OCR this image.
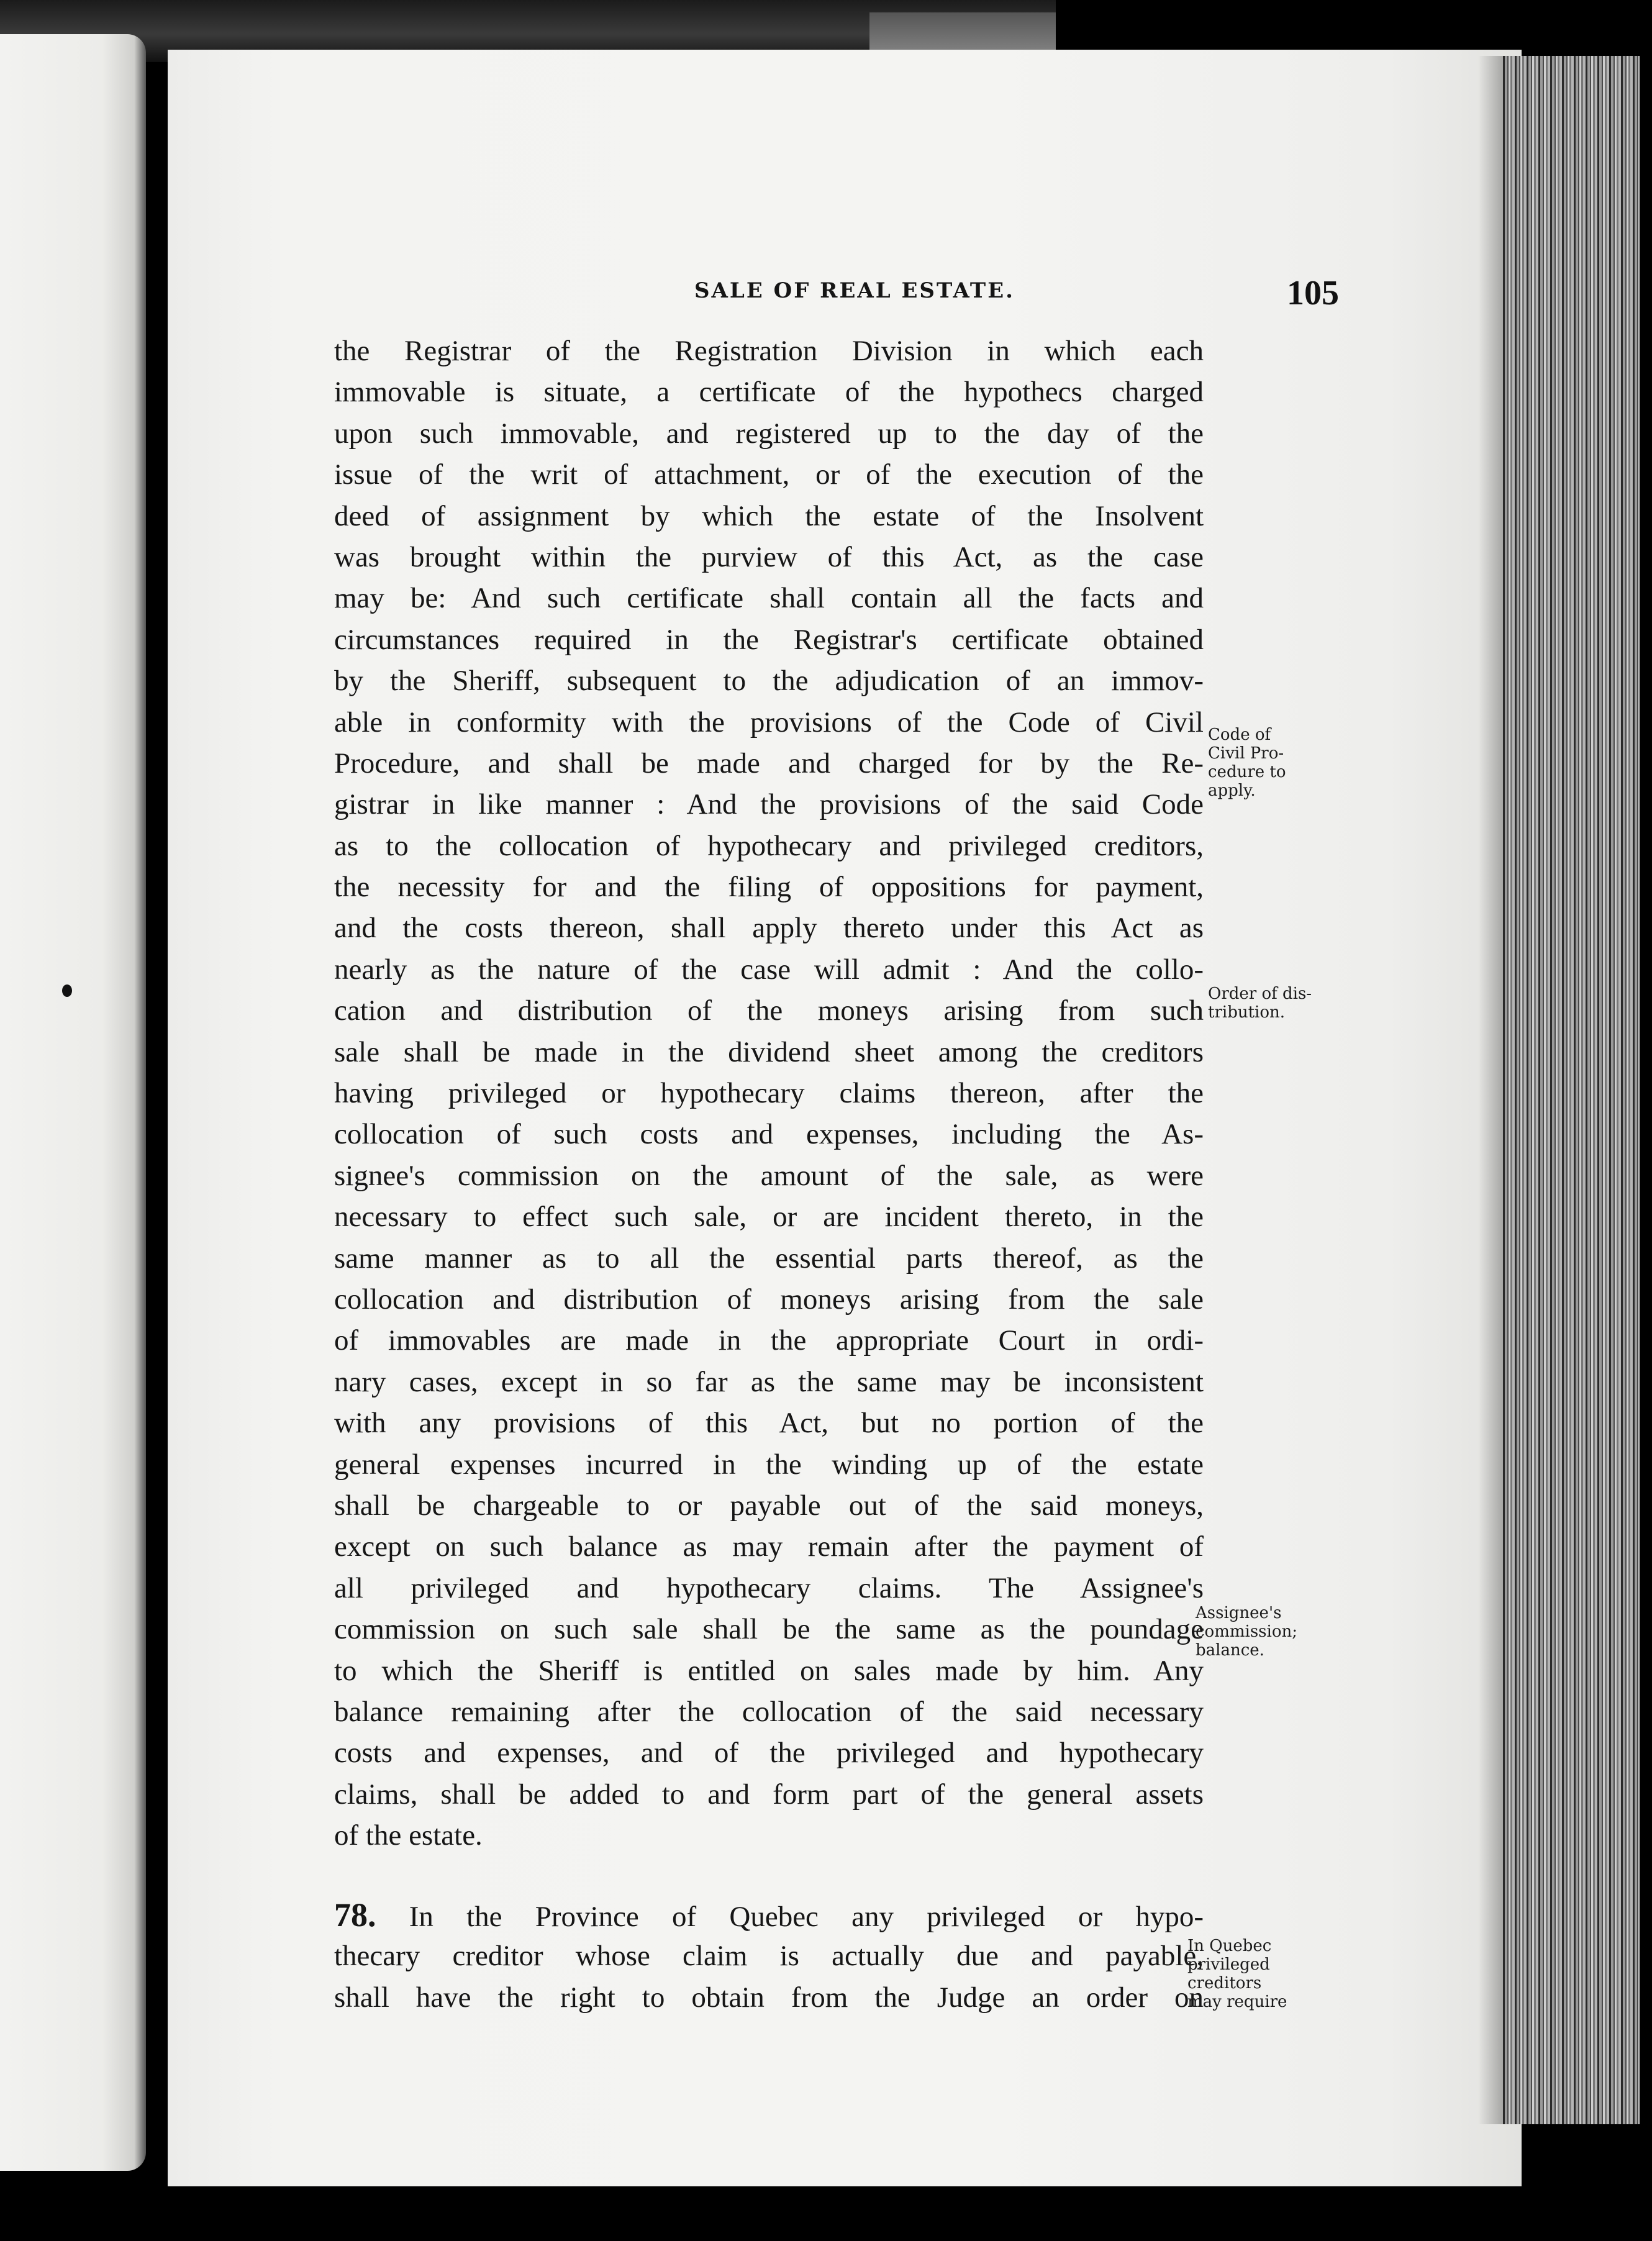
SALE OF REAL ESTATE.	105
the Registrar of the Registration Division in which each
immovable is situate, a certificate of the hypothecs charged
upon such immovable, and registered up to the day of the
issue of the writ of attachment, or of the execution of the
deed of assignment by which the estate of the Insolvent
was brought within the purview of this Act, as the case
may be: And such certificate shall contain all the facts and
circumstances required in the Registrar's certificate obtained
by the Sheriff, subsequent to the adjudication of an immov-
able in conformity with the provisions of the Code of Civil
Procedure, and shall be made and charged for by the Re-
gistrar in like manner : And the provisions of the said Code
as to the collocation of hypothecary and privileged creditors,
the necessity for and the filing of oppositions for payment,
and the costs thereon, shall apply thereto under this Act as
nearly as the nature of the case will admit : And the collo-
cation and distribution of the moneys arising from such
sale shall be made in the dividend sheet among the creditors
having privileged or hypothecary claims thereon, after the
collocation of such costs and expenses, including the As-
signee's commission on the amount of the sale, as were
necessary to effect such sale, or are incident thereto, in the
same manner as to all the essential parts thereof, as the
collocation and distribution of moneys arising from the sale
of immovables are made in the appropriate Court in ordi-
nary cases, except in so far as the same may be inconsistent
with any provisions of this Act, but no portion of the
general expenses incurred in the winding up of the estate
shall be chargeable to or payable out of the said moneys,
except on such balance as may remain after the payment of
all privileged and hypothecary claims. The Assignee's
commission on such sale shall be the same as the poundage
to which the Sheriff is entitled on sales made by him. Any
balance remaining after the collocation of the said necessary
costs and expenses, and of the privileged and hypothecary
claims, shall be added to and form part of the general assets
of the estate.
78. In the Province of Quebec any privileged or hypo-
thecary creditor whose claim is actually due and payable,
shall have the right to obtain from the Judge an order on
Code of
Civil Pro-
cedure to
apply.
Order of dis-
tribution.
Assignee's
commission;
balance.
In Quebec
privileged
creditors
may require
